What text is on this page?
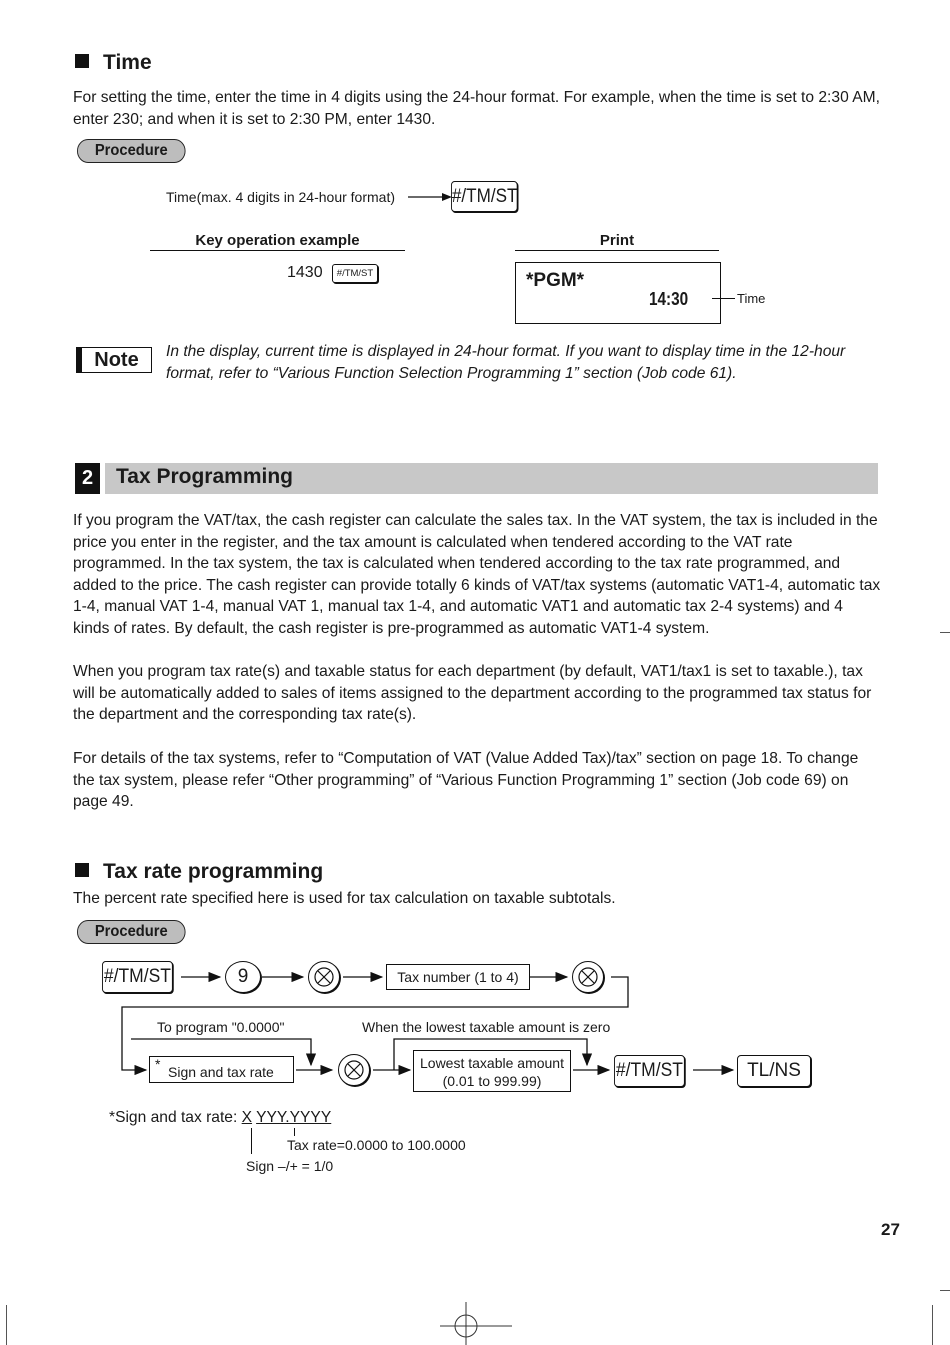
Time
For setting the time, enter the time in 4 digits using the 24-hour format. For example, when the time is set to 2:30 AM, enter 230; and when it is set to 2:30 PM, enter 1430.
Procedure
Time(max. 4 digits in 24-hour format)	#/TM/ST
Key operation example	Print
1430	#/TM/ST	*PGM*
14:30	Time
Note	In the display, current time is displayed in 24-hour format. If you want to display time in the 12-hour format, refer to “Various Function Selection Programming 1” section (Job code 61).
2	Tax Programming
If you program the VAT/tax, the cash register can calculate the sales tax. In the VAT system, the tax is included in the price you enter in the register, and the tax amount is calculated when tendered according to the VAT rate programmed. In the tax system, the tax is calculated when tendered according to the tax rate programmed, and added to the price. The cash register can provide totally 6 kinds of VAT/tax systems (automatic VAT1-4, automatic tax 1-4, manual VAT 1-4, manual VAT 1, manual tax 1-4, and automatic VAT1 and automatic tax 2-4 systems) and 4 kinds of rates. By default, the cash register is pre-programmed as automatic VAT1-4 system.
When you program tax rate(s) and taxable status for each department (by default, VAT1/tax1 is set to taxable.), tax will be automatically added to sales of items assigned to the department according to the programmed tax status for the department and the corresponding tax rate(s).
For details of the tax systems, refer to “Computation of VAT (Value Added Tax)/tax” section on page 18. To change the tax system, please refer “Other programming” of “Various Function Programming 1” section (Job code 69) on page 49.
Tax rate programming
The percent rate specified here is used for tax calculation on taxable subtotals.
Procedure
#/TM/ST	9	Tax number (1 to 4)
To program "0.0000"	When the lowest taxable amount is zero
* Sign and tax rate
Lowest taxable amount
(0.01 to 999.99)	#/TM/ST	TL/NS
*Sign and tax rate: X YYY.YYYY
Tax rate=0.0000 to 100.0000
Sign –/+ = 1/0
27
